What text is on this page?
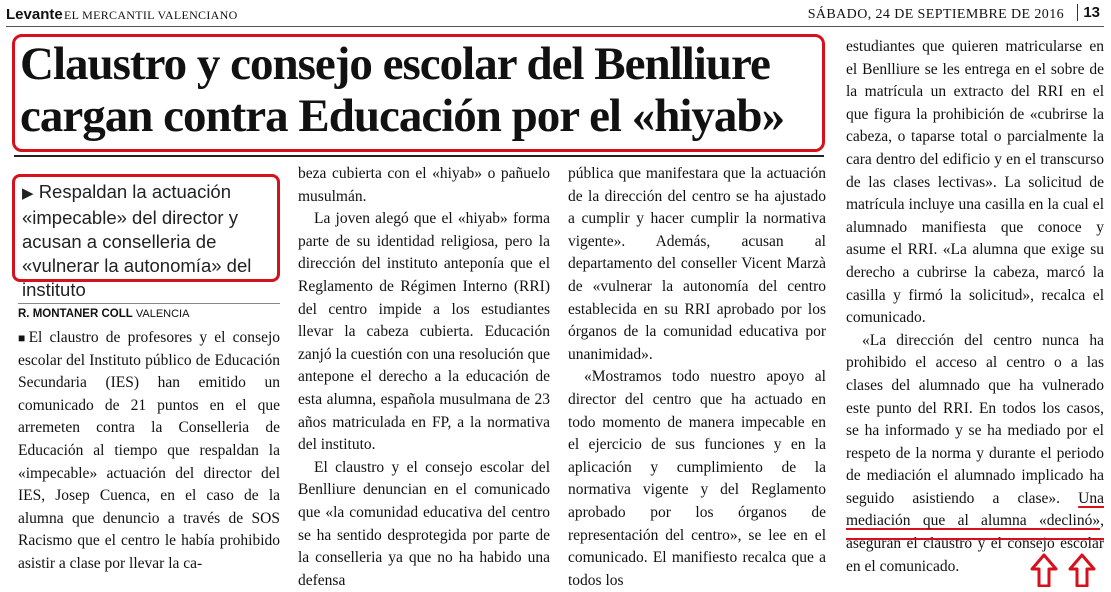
Levante EL MERCANTIL VALENCIANO	SÁBADO, 24 DE SEPTIEMBRE DE 2016	13
Claustro y consejo escolar del Benlliure cargan contra Educación por el «hiyab»
▶ Respaldan la actuación «impecable» del director y acusan a conselleria de «vulnerar la autonomía» del instituto
R. MONTANER COLL VALENCIA

■El claustro de profesores y el consejo escolar del Instituto público de Educación Secundaria (IES) han emitido un comunicado de 21 puntos en el que arremeten contra la Conselleria de Educación al tiempo que respaldan la «impecable» actuación del director del IES, Josep Cuenca, en el caso de la alumna que denuncio a través de SOS Racismo que el centro le había prohibido asistir a clase por llevar la ca-

beza cubierta con el «hiyab» o pañuelo musulmán.

La joven alegó que el «hiyab» forma parte de su identidad religiosa, pero la dirección del instituto anteponía que el Reglamento de Régimen Interno (RRI) del centro impide a los estudiantes llevar la cabeza cubierta. Educación zanjó la cuestión con una resolución que antepone el derecho a la educación de esta alumna, española musulmana de 23 años matriculada en FP, a la normativa del instituto.

El claustro y el consejo escolar del Benlliure denuncian en el comunicado que «la comunidad educativa del centro se ha sentido desprotegida por parte de la conselleria ya que no ha habido una defensa

pública que manifestara que la actuación de la dirección del centro se ha ajustado a cumplir y hacer cumplir la normativa vigente». Además, acusan al departamento del conseller Vicent Marzà de «vulnerar la autonomía del centro establecida en su RRI aprobado por los órganos de la comunidad educativa por unanimidad».

«Mostramos todo nuestro apoyo al director del centro que ha actuado en todo momento de manera impecable en el ejercicio de sus funciones y en la aplicación y cumplimiento de la normativa vigente y del Reglamento aprobado por los órganos de representación del centro», se lee en el comunicado. El manifiesto recalca que a todos los

estudiantes que quieren matricularse en el Benlliure se les entrega en el sobre de la matrícula un extracto del RRI en el que figura la prohibición de «cubrirse la cabeza, o taparse total o parcialmente la cara dentro del edificio y en el transcurso de las clases lectivas». La solicitud de matrícula incluye una casilla en la cual el alumnado manifiesta que conoce y asume el RRI. «La alumna que exige su derecho a cubrirse la cabeza, marcó la casilla y firmó la solicitud», recalca el comunicado.

«La dirección del centro nunca ha prohibido el acceso al centro o a las clases del alumnado que ha vulnerado este punto del RRI. En todos los casos, se ha informado y se ha mediado por el respeto de la norma y durante el periodo de mediación el alumnado implicado ha seguido asistiendo a clase». Una mediación que al alumna «declinó», aseguran el claustro y el consejo escolar en el comunicado.
